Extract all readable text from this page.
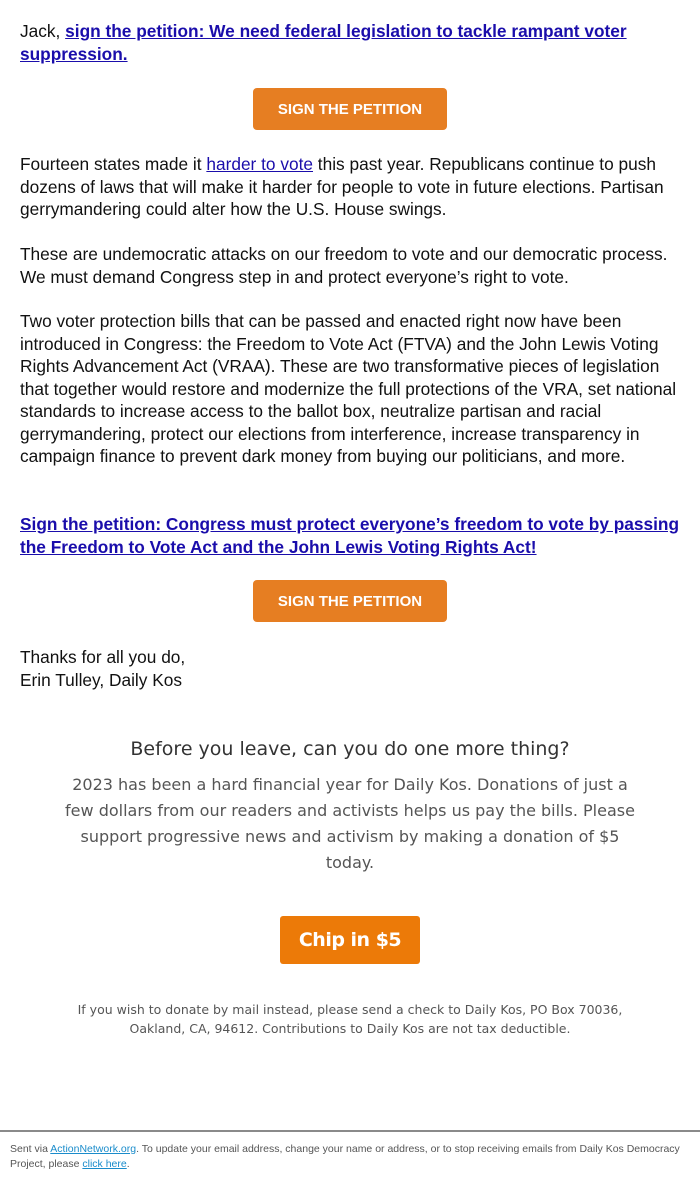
Jack, sign the petition: We need federal legislation to tackle rampant voter suppression.

SIGN THE PETITION

Fourteen states made it harder to vote this past year. Republicans continue to push dozens of laws that will make it harder for people to vote in future elections. Partisan gerrymandering could alter how the U.S. House swings.

These are undemocratic attacks on our freedom to vote and our democratic process. We must demand Congress step in and protect everyone’s right to vote.

Two voter protection bills that can be passed and enacted right now have been introduced in Congress: the Freedom to Vote Act (FTVA) and the John Lewis Voting Rights Advancement Act (VRAA). These are two transformative pieces of legislation that together would restore and modernize the full protections of the VRA, set national standards to increase access to the ballot box, neutralize partisan and racial gerrymandering, protect our elections from interference, increase transparency in campaign finance to prevent dark money from buying our politicians, and more.

Sign the petition: Congress must protect everyone’s freedom to vote by passing the Freedom to Vote Act and the John Lewis Voting Rights Act!

SIGN THE PETITION

Thanks for all you do,
Erin Tulley, Daily Kos

Before you leave, can you do one more thing?
2023 has been a hard financial year for Daily Kos. Donations of just a few dollars from our readers and activists helps us pay the bills. Please support progressive news and activism by making a donation of $5 today.
Chip in $5
If you wish to donate by mail instead, please send a check to Daily Kos, PO Box 70036, Oakland, CA, 94612. Contributions to Daily Kos are not tax deductible.
Sent via ActionNetwork.org. To update your email address, change your name or address, or to stop receiving emails from Daily Kos Democracy Project, please click here.
